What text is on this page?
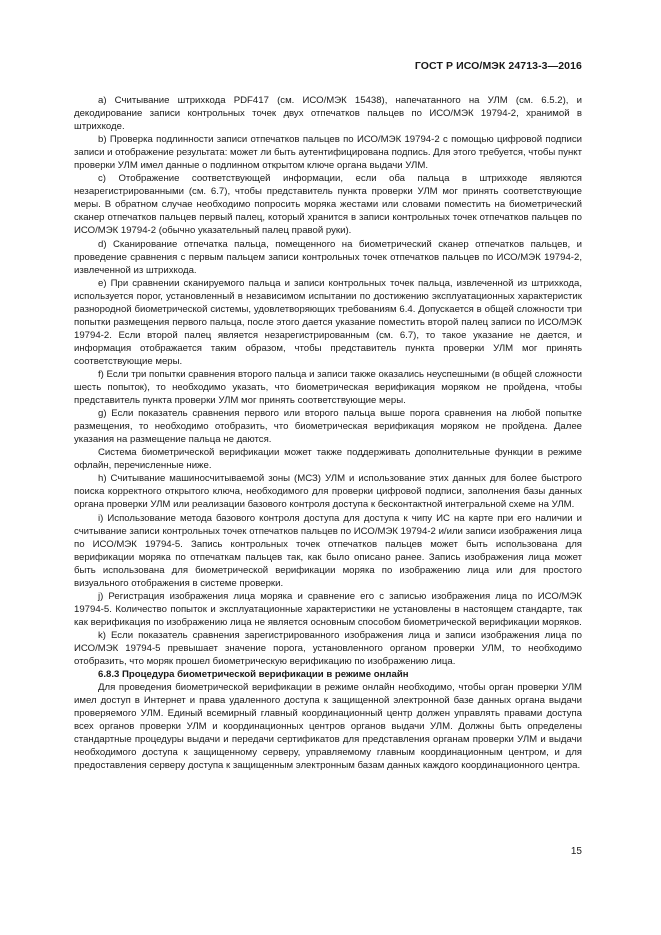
ГОСТ Р ИСО/МЭК 24713-3—2016

a) Считывание штрихкода PDF417 (см. ИСО/МЭК 15438), напечатанного на УЛМ (см. 6.5.2), и декодирование записи контрольных точек двух отпечатков пальцев по ИСО/МЭК 19794-2, хранимой в штрихкоде.

b) Проверка подлинности записи отпечатков пальцев по ИСО/МЭК 19794-2 с помощью цифровой подписи записи и отображение результата: может ли быть аутентифицирована подпись. Для этого требуется, чтобы пункт проверки УЛМ имел данные о подлинном открытом ключе органа выдачи УЛМ.

c) Отображение соответствующей информации, если оба пальца в штрихкоде являются незарегистрированными (см. 6.7), чтобы представитель пункта проверки УЛМ мог принять соответствующие меры. В обратном случае необходимо попросить моряка жестами или словами поместить на биометрический сканер отпечатков пальцев первый палец, который хранится в записи контрольных точек отпечатков пальцев по ИСО/МЭК 19794-2 (обычно указательный палец правой руки).

d) Сканирование отпечатка пальца, помещенного на биометрический сканер отпечатков пальцев, и проведение сравнения с первым пальцем записи контрольных точек отпечатков пальцев по ИСО/МЭК 19794-2, извлеченной из штрихкода.

e) При сравнении сканируемого пальца и записи контрольных точек пальца, извлеченной из штрихкода, используется порог, установленный в независимом испытании по достижению эксплуатационных характеристик разнородной биометрической системы, удовлетворяющих требованиям 6.4. Допускается в общей сложности три попытки размещения первого пальца, после этого дается указание поместить второй палец записи по ИСО/МЭК 19794-2. Если второй палец является незарегистрированным (см. 6.7), то такое указание не дается, и информация отображается таким образом, чтобы представитель пункта проверки УЛМ мог принять соответствующие меры.

f) Если три попытки сравнения второго пальца и записи также оказались неуспешными (в общей сложности шесть попыток), то необходимо указать, что биометрическая верификация моряком не пройдена, чтобы представитель пункта проверки УЛМ мог принять соответствующие меры.

g) Если показатель сравнения первого или второго пальца выше порога сравнения на любой попытке размещения, то необходимо отобразить, что биометрическая верификация моряком не пройдена. Далее указания на размещение пальца не даются.

Система биометрической верификации может также поддерживать дополнительные функции в режиме офлайн, перечисленные ниже.

h) Считывание машиносчитываемой зоны (МСЗ) УЛМ и использование этих данных для более быстрого поиска корректного открытого ключа, необходимого для проверки цифровой подписи, заполнения базы данных органа проверки УЛМ или реализации базового контроля доступа к бесконтактной интегральной схеме на УЛМ.

i) Использование метода базового контроля доступа для доступа к чипу ИС на карте при его наличии и считывание записи контрольных точек отпечатков пальцев по ИСО/МЭК 19794-2 и/или записи изображения лица по ИСО/МЭК 19794-5. Запись контрольных точек отпечатков пальцев может быть использована для верификации моряка по отпечаткам пальцев так, как было описано ранее. Запись изображения лица может быть использована для биометрической верификации моряка по изображению лица или для простого визуального отображения в системе проверки.

j) Регистрация изображения лица моряка и сравнение его с записью изображения лица по ИСО/МЭК 19794-5. Количество попыток и эксплуатационные характеристики не установлены в настоящем стандарте, так как верификация по изображению лица не является основным способом биометрической верификации моряков.

k) Если показатель сравнения зарегистрированного изображения лица и записи изображения лица по ИСО/МЭК 19794-5 превышает значение порога, установленного органом проверки УЛМ, то необходимо отобразить, что моряк прошел биометрическую верификацию по изображению лица.

6.8.3 Процедура биометрической верификации в режиме онлайн

Для проведения биометрической верификации в режиме онлайн необходимо, чтобы орган проверки УЛМ имел доступ в Интернет и права удаленного доступа к защищенной электронной базе данных органа выдачи проверяемого УЛМ. Единый всемирный главный координационный центр должен управлять правами доступа всех органов проверки УЛМ и координационных центров органов выдачи УЛМ. Должны быть определены стандартные процедуры выдачи и передачи сертификатов для представления органам проверки УЛМ и выдачи необходимого доступа к защищенному серверу, управляемому главным координационным центром, и для предоставления серверу доступа к защищенным электронным базам данных каждого координационного центра.

15
